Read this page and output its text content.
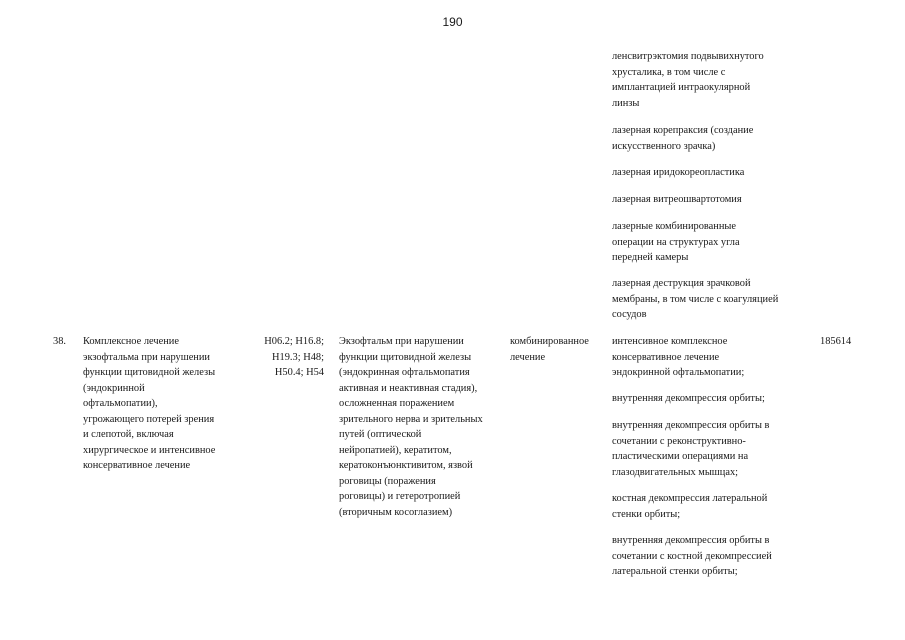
190
ленсвитрэктомия подвывихнутого
хрусталика, в том числе с
имплантацией интраокулярной
линзы
лазерная корепраксия (создание
искусственного зрачка)
лазерная иридокореопластика
лазерная витреошвартотомия
лазерные комбинированные
операции на структурах угла
передней камеры
лазерная деструкция зрачковой
мембраны, в том числе с коагуляцией
сосудов
38. Комплексное лечение
экзофтальма при нарушении
функции щитовидной железы
(эндокринной
офтальмопатии),
угрожающего потерей зрения
и слепотой, включая
хирургическое и интенсивное
консервативное лечение
H06.2; H16.8;
H19.3; H48;
H50.4; H54
Экзофтальм при нарушении
функции щитовидной железы
(эндокринная офтальмопатия
активная и неактивная стадия),
осложненная поражением
зрительного нерва и зрительных
путей (оптической
нейропатией), кератитом,
кератоконъюнктивитом, язвой
роговицы (поражения
роговицы) и гетеротропией
(вторичным косоглазием)
комбинированное
лечение
интенсивное комплексное
консервативное лечение
эндокринной офтальмопатии;
внутренняя декомпрессия орбиты;
внутренняя декомпрессия орбиты в
сочетании с реконструктивно-
пластическими операциями на
глазодвигательных мышцах;
костная декомпрессия латеральной
стенки орбиты;
внутренняя декомпрессия орбиты в
сочетании с костной декомпрессией
латеральной стенки орбиты;
185614
